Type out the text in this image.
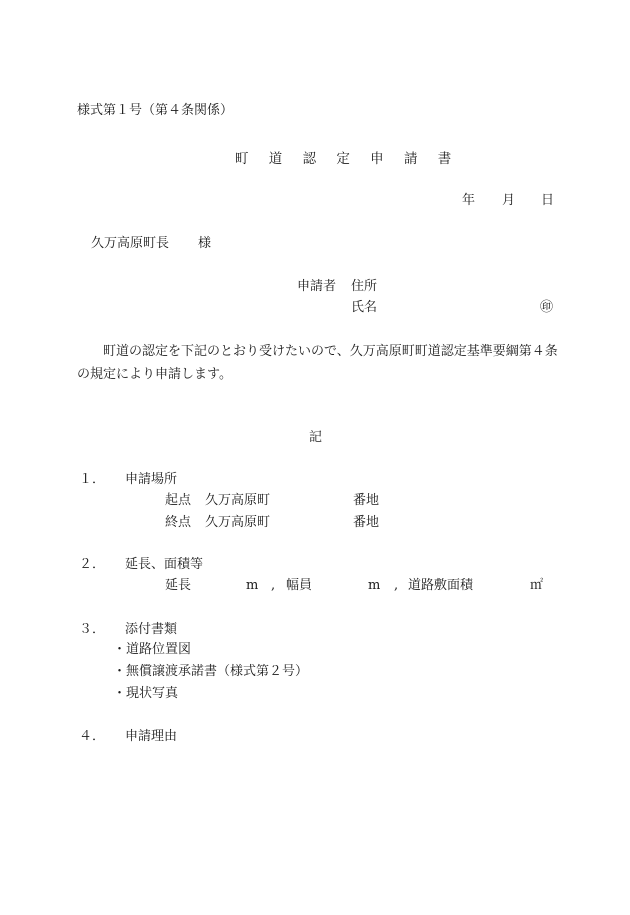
様式第１号（第４条関係）
町 道 認 定 申 請 書
年 月 日
久万高原町長 様
申請者 住所
氏名	㊞
町道の認定を下記のとおり受けたいので、久万高原町町道認定基準要綱第４条の規定により申請します。
記
１． 申請場所
起点 久万高原町	番地
終点 久万高原町	番地
２． 延長、面積等
延長	m , 幅員	m , 道路敷面積	㎡
３． 添付書類
・道路位置図
・無償譲渡承諾書（様式第２号）
・現状写真
４． 申請理由
